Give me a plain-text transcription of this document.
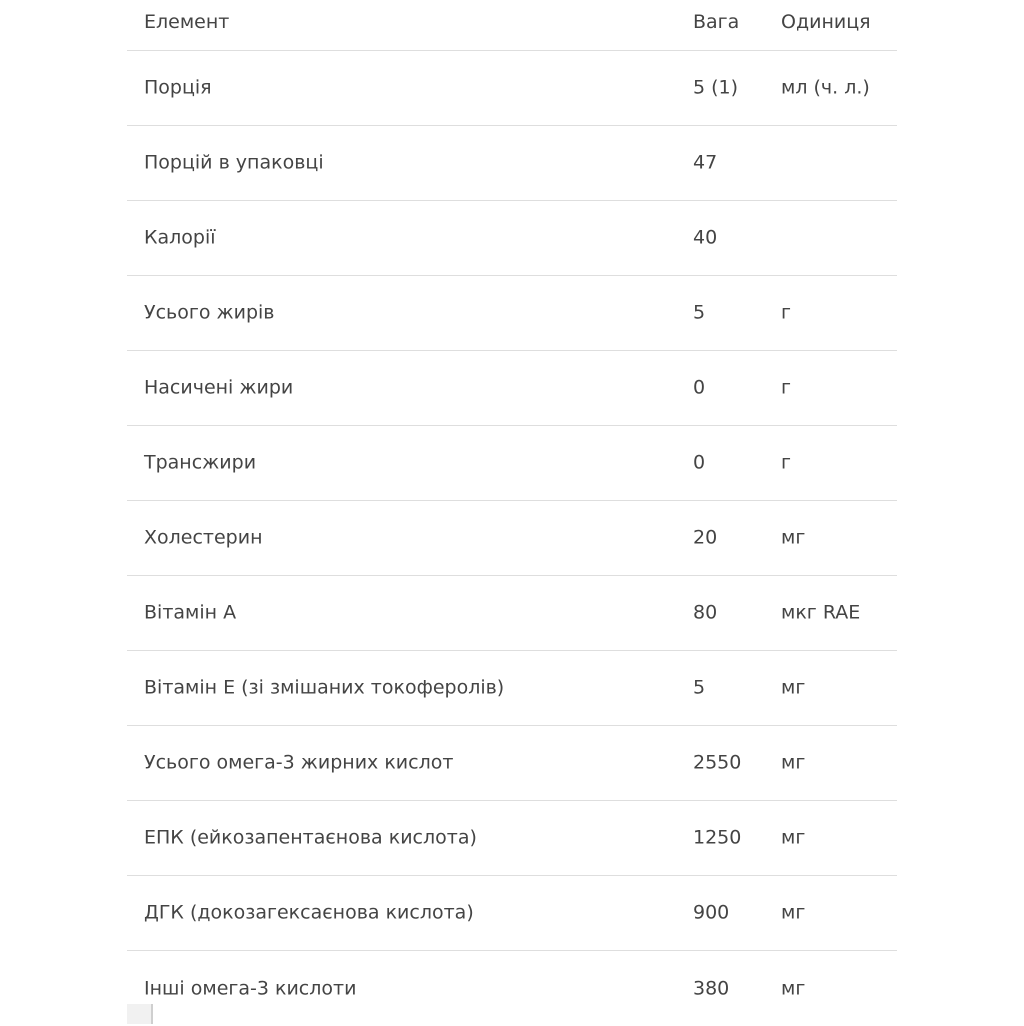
Елемент	Вага Одиниця
Порція	5 (1) мл (ч. л.)
Порцій в упаковці	47
Калорії	40
Усього жирів	5	г
Насичені жири	0	г
Трансжири	0	г
Холестерин	20	мг
Вітамін А	80	мкг RAE
Вітамін Е (зі змішаних токоферолів)	5	мг
Усього омега-3 жирних кислот	2550 мг
ЕПК (ейкозапентаєнова кислота)	1250 мг
ДГК (докозагексаєнова кислота)	900	мг
Інші омега-3 кислоти	380	мг
